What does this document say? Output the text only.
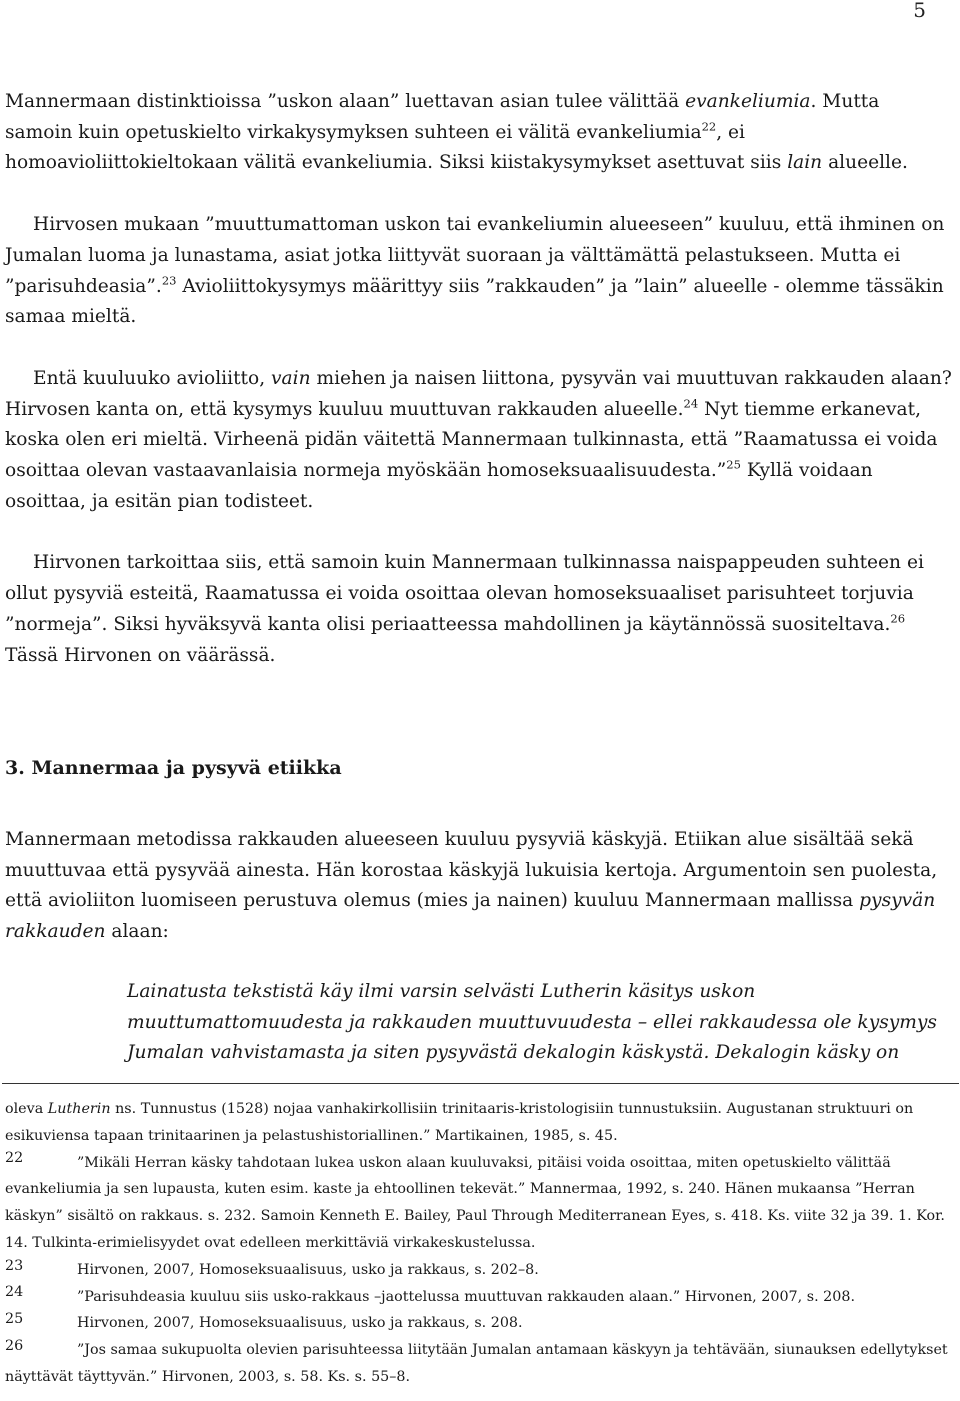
5

Mannermaan distinktioissa ”uskon alaan” luettavan asian tulee välittää evankeliumia. Mutta samoin kuin opetuskielto virkakysymyksen suhteen ei välitä evankeliumia$^{22}$, ei homoavioliittokieltokaan välitä evankeliumia. Siksi kiistakysymykset asettuvat siis lain alueelle.

Hirvosen mukaan ”muuttumattoman uskon tai evankeliumin alueeseen” kuuluu, että ihminen on Jumalan luoma ja lunastama, asiat jotka liittyvät suoraan ja välttämättä pelastukseen. Mutta ei ”parisuhdeasia”.$^{23}$ Avioliittokysymys määrittyy siis ”rakkauden” ja ”lain” alueelle - olemme tässäkin samaa mieltä.

Entä kuuluuko avioliitto, vain miehen ja naisen liittona, pysyvän vai muuttuvan rakkauden alaan? Hirvosen kanta on, että kysymys kuuluu muuttuvan rakkauden alueelle.$^{24}$ Nyt tiemme erkanevat, koska olen eri mieltä. Virheenä pidän väitettä Mannermaan tulkinnasta, että ”Raamatussa ei voida osoittaa olevan vastaavanlaisia normeja myöskään homoseksuaalisuudesta.”$^{25}$ Kyllä voidaan osoittaa, ja esitän pian todisteet.

Hirvonen tarkoittaa siis, että samoin kuin Mannermaan tulkinnassa naispappeuden suhteen ei ollut pysyviä esteitä, Raamatussa ei voida osoittaa olevan homoseksuaaliset parisuhteet torjuvia ”normeja”. Siksi hyväksyvä kanta olisi periaatteessa mahdollinen ja käytännössä suositeltava.$^{26}$ Tässä Hirvonen on väärässä.

3. Mannermaa ja pysyvä etiikka

Mannermaan metodissa rakkauden alueeseen kuuluu pysyviä käskyjä. Etiikan alue sisältää sekä muuttuvaa että pysyvää ainesta. Hän korostaa käskyjä lukuisia kertoja. Argumentoin sen puolesta, että avioliiton luomiseen perustuva olemus (mies ja nainen) kuuluu Mannermaan mallissa pysyvän rakkauden alaan:

Lainatusta tekstistä käy ilmi varsin selvästi Lutherin käsitys uskon muuttumattomuudesta ja rakkauden muuttuvuudesta – ellei rakkaudessa ole kysymys Jumalan vahvistamasta ja siten pysyvästä dekalogin käskystä. Dekalogin käsky on

oleva Lutherin ns. Tunnustus (1528) nojaa vanhakirkollisiin trinitaaris-kristologisiin tunnustuksiin. Augustanan struktuuri on esikuviensa tapaan trinitaarinen ja pelastushistoriallinen.” Martikainen, 1985, s. 45.

22	”Mikäli Herran käsky tahdotaan lukea uskon alaan kuuluvaksi, pitäisi voida osoittaa, miten opetuskielto välittää evankeliumia ja sen lupausta, kuten esim. kaste ja ehtoollinen tekevät.” Mannermaa, 1992, s. 240. Hänen mukaansa ”Herran käskyn” sisältö on rakkaus. s. 232. Samoin Kenneth E. Bailey, Paul Through Mediterranean Eyes, s. 418. Ks. viite 32 ja 39. 1. Kor. 14. Tulkinta-erimielisyydet ovat edelleen merkittäviä virkakeskustelussa.

23	Hirvonen, 2007, Homoseksuaalisuus, usko ja rakkaus, s. 202–8.

24	”Parisuhdeasia kuuluu siis usko-rakkaus –jaottelussa muuttuvan rakkauden alaan.” Hirvonen, 2007, s. 208.

25	Hirvonen, 2007, Homoseksuaalisuus, usko ja rakkaus, s. 208.

26	”Jos samaa sukupuolta olevien parisuhteessa liitytään Jumalan antamaan käskyyn ja tehtävään, siunauksen edellytykset näyttävät täyttyvän.” Hirvonen, 2003, s. 58. Ks. s. 55–8.
